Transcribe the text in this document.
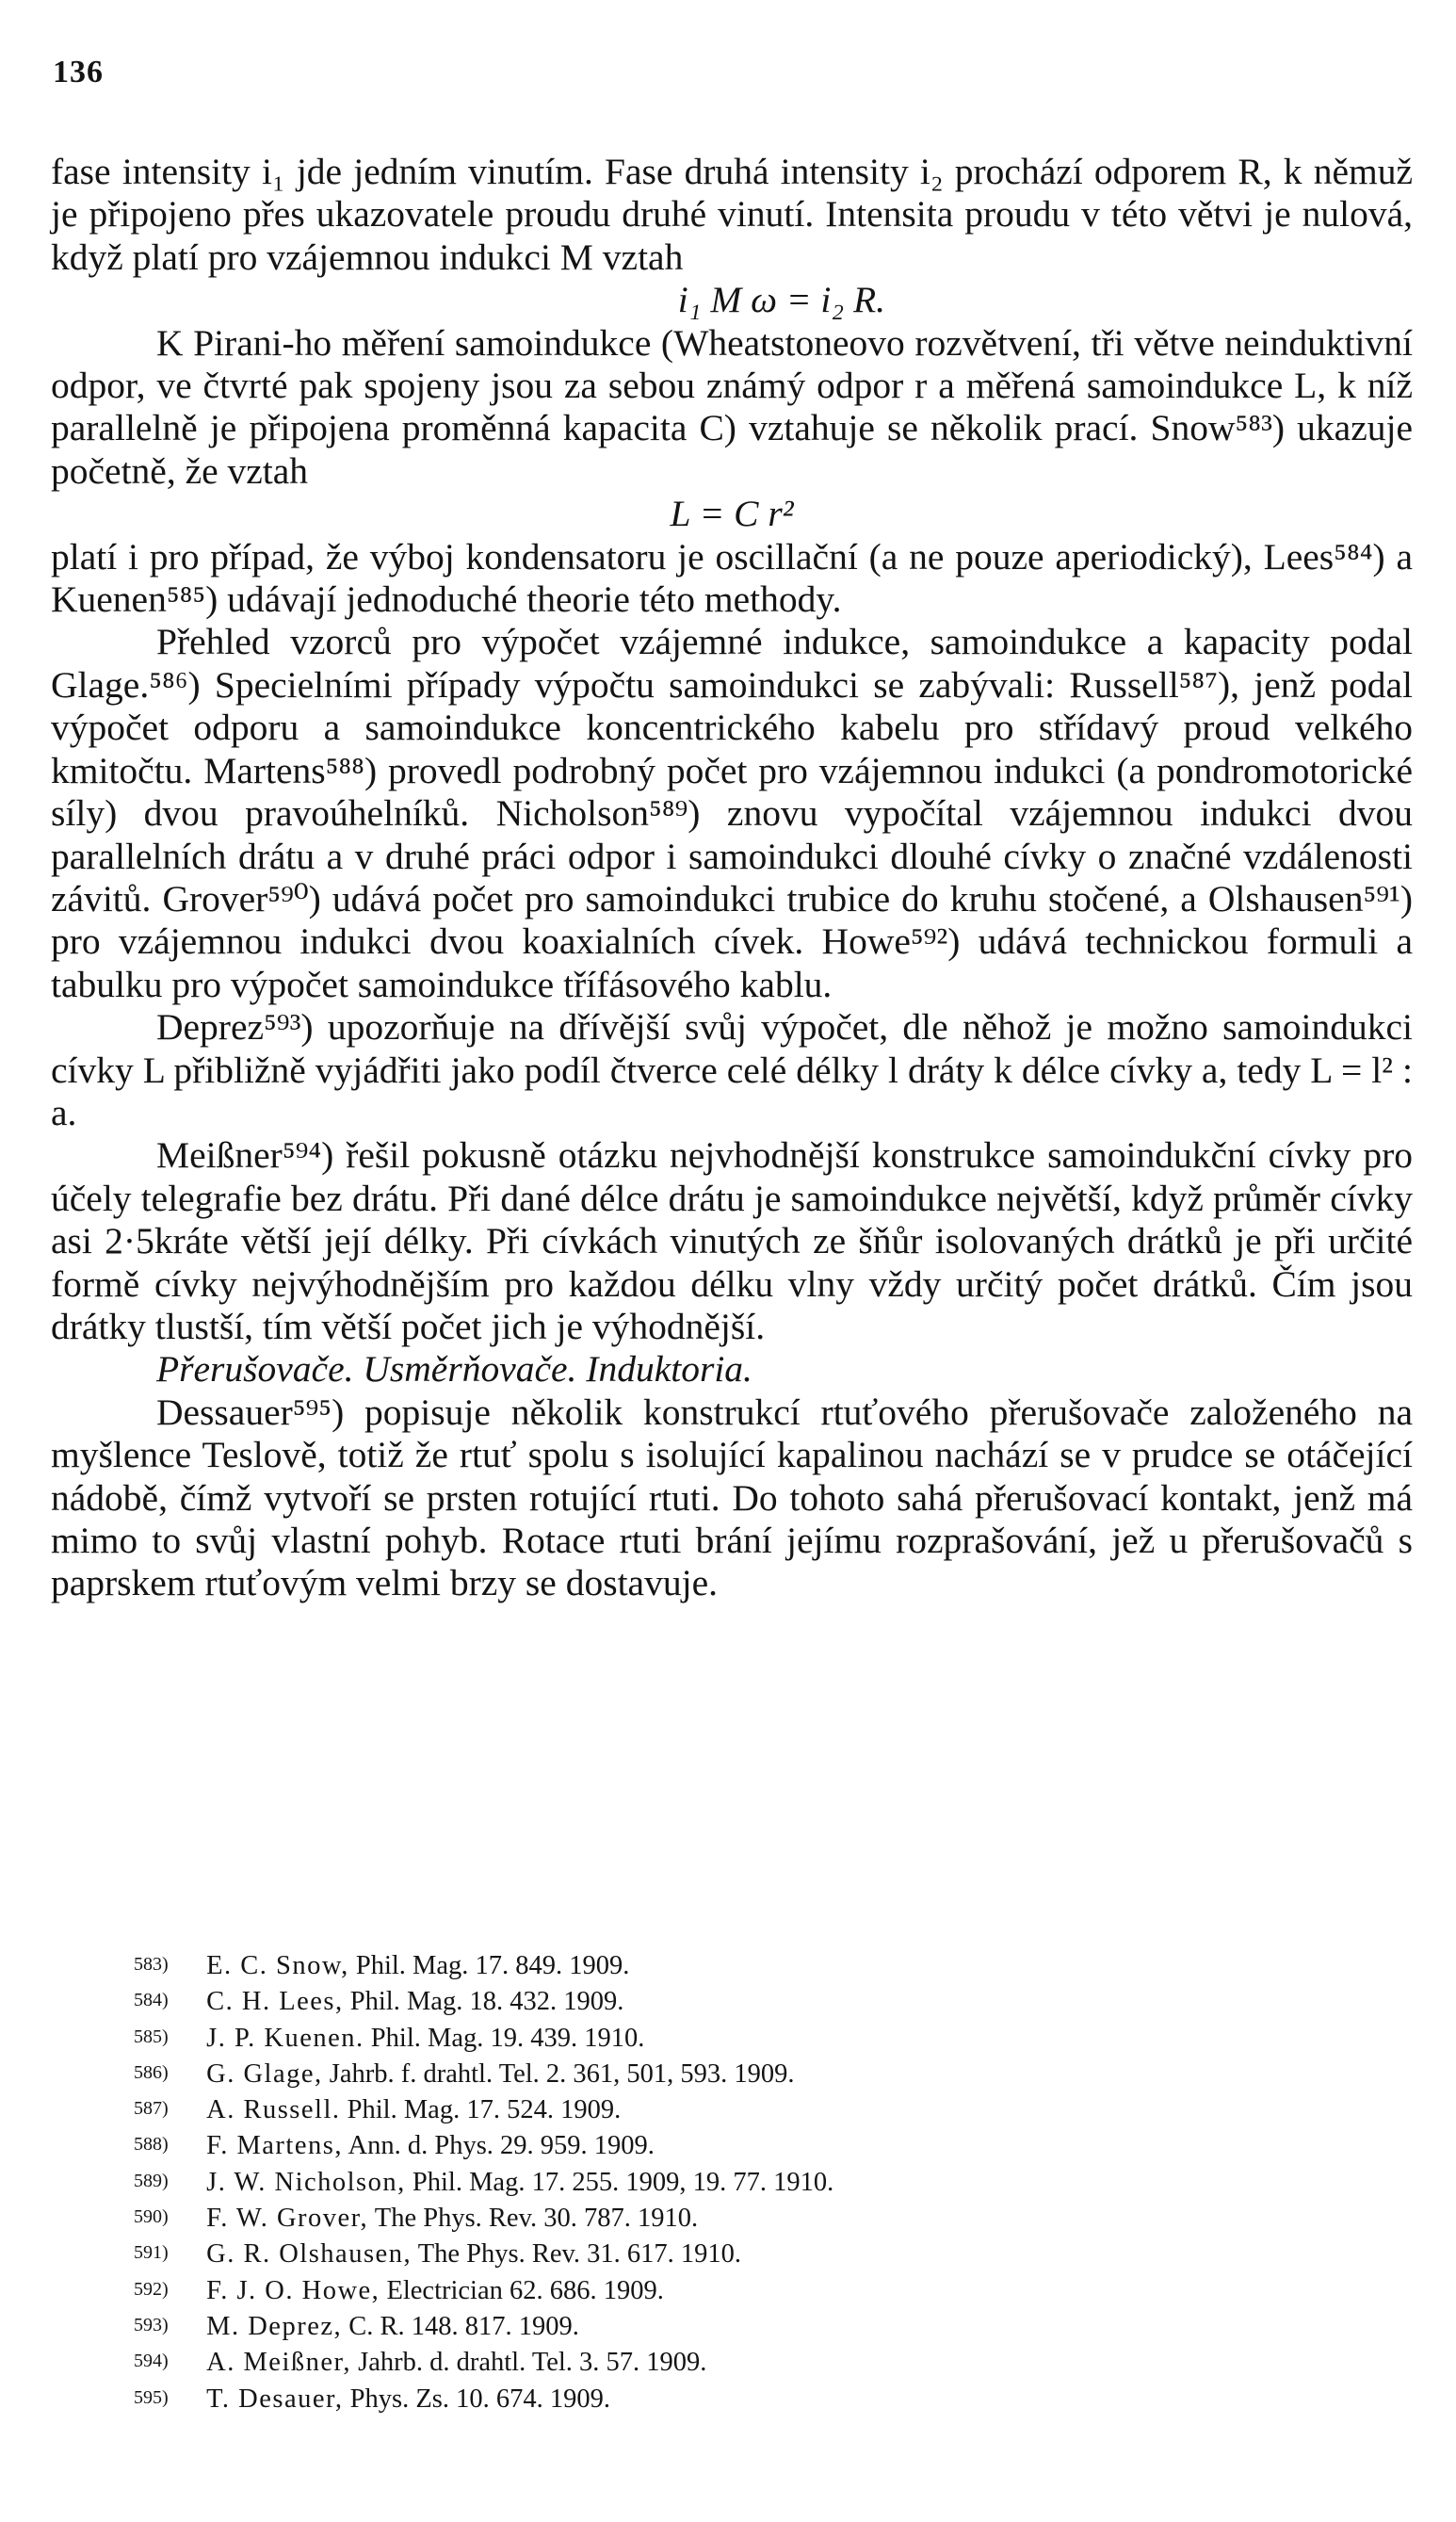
136

fase intensity i₁ jde jedním vinutím. Fase druhá intensity i₂ prochází odporem R, k němuž je připojeno přes ukazovatele proudu druhé vinutí. Intensita proudu v této větvi je nulová, když platí pro vzájemnou indukci M vztah

i₁ M ω = i₂ R.

K Pirani-ho měření samoindukce (Wheatstoneovo rozvětvení, tři větve neinduktivní odpor, ve čtvrté pak spojeny jsou za sebou známý odpor r a měřená samoindukce L, k níž parallelně je připojena proměnná kapacita C) vztahuje se několik prací. Snow⁵⁸³) ukazuje početně, že vztah

L = C r²

platí i pro případ, že výboj kondensatoru je oscillační (a ne pouze aperiodický), Lees⁵⁸⁴) a Kuenen⁵⁸⁵) udávají jednoduché theorie této methody.

Přehled vzorců pro výpočet vzájemné indukce, samoindukce a kapacity podal Glage.⁵⁸⁶) Specielními případy výpočtu samoindukci se zabývali: Russell⁵⁸⁷), jenž podal výpočet odporu a samoindukce koncentrického kabelu pro střídavý proud velkého kmitočtu. Martens⁵⁸⁸) provedl podrobný počet pro vzájemnou indukci (a pondromotorické síly) dvou pravoúhelníků. Nicholson⁵⁸⁹) znovu vypočítal vzájemnou indukci dvou parallelních drátu a v druhé práci odpor i samoindukci dlouhé cívky o značné vzdálenosti závitů. Grover⁵⁹⁰) udává počet pro samoindukci trubice do kruhu stočené, a Olshausen⁵⁹¹) pro vzájemnou indukci dvou koaxialních cívek. Howe⁵⁹²) udává technickou formuli a tabulku pro výpočet samoindukce třífásového kablu.

Deprez⁵⁹³) upozorňuje na dřívější svůj výpočet, dle něhož je možno samoindukci cívky L přibližně vyjádřiti jako podíl čtverce celé délky l dráty k délce cívky a, tedy L = l² : a.

Meißner⁵⁹⁴) řešil pokusně otázku nejvhodnější konstrukce samoindukční cívky pro účely telegrafie bez drátu. Při dané délce drátu je samoindukce největší, když průměr cívky asi 2·5kráte větší její délky. Při cívkách vinutých ze šňůr isolovaných drátků je při určité formě cívky nejvýhodnějším pro každou délku vlny vždy určitý počet drátků. Čím jsou drátky tlustší, tím větší počet jich je výhodnější.

Přerušovače. Usměrňovače. Induktoria.

Dessauer⁵⁹⁵) popisuje několik konstrukcí rtuťového přerušovače založeného na myšlence Teslově, totiž že rtuť spolu s isolující kapalinou nachází se v prudce se otáčející nádobě, čímž vytvoří se prsten rotující rtuti. Do tohoto sahá přerušovací kontakt, jenž má mimo to svůj vlastní pohyb. Rotace rtuti brání jejímu rozprašování, jež u přerušovačů s paprskem rtuťovým velmi brzy se dostavuje.

583) E. C. Snow, Phil. Mag. 17. 849. 1909.
584) C. H. Lees, Phil. Mag. 18. 432. 1909.
585) J. P. Kuenen. Phil. Mag. 19. 439. 1910.
586) G. Glage, Jahrb. f. drahtl. Tel. 2. 361, 501, 593. 1909.
587) A. Russell. Phil. Mag. 17. 524. 1909.
588) F. Martens, Ann. d. Phys. 29. 959. 1909.
589) J. W. Nicholson, Phil. Mag. 17. 255. 1909, 19. 77. 1910.
590) F. W. Grover, The Phys. Rev. 30. 787. 1910.
591) G. R. Olshausen, The Phys. Rev. 31. 617. 1910.
592) F. J. O. Howe, Electrician 62. 686. 1909.
593) M. Deprez, C. R. 148. 817. 1909.
594) A. Meißner, Jahrb. d. drahtl. Tel. 3. 57. 1909.
595) T. Desauer, Phys. Zs. 10. 674. 1909.
